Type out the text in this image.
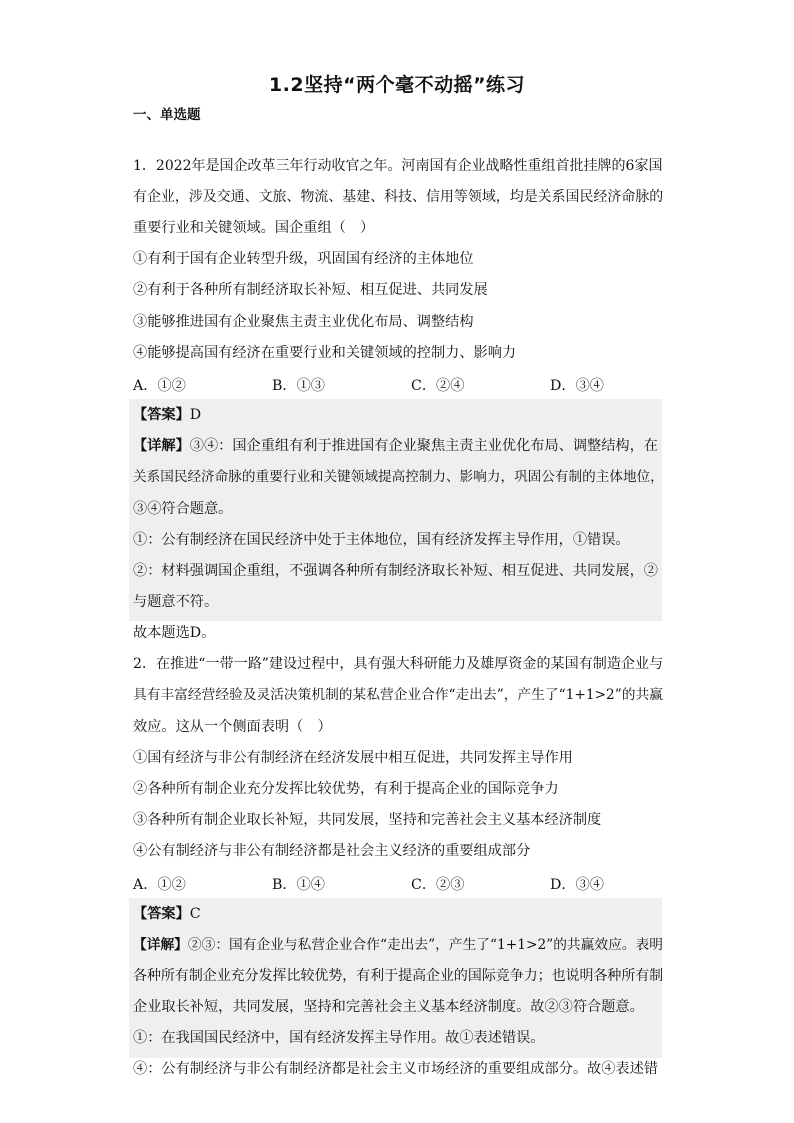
1.2坚持“两个毫不动摇”练习
一、单选题
1．2022年是国企改革三年行动收官之年。河南国有企业战略性重组首批挂牌的6家国
有企业，涉及交通、文旅、物流、基建、科技、信用等领域，均是关系国民经济命脉的
重要行业和关键领域。国企重组（　）
①有利于国有企业转型升级，巩固国有经济的主体地位
②有利于各种所有制经济取长补短、相互促进、共同发展
③能够推进国有企业聚焦主责主业优化布局、调整结构
④能够提高国有经济在重要行业和关键领域的控制力、影响力
A．①②	B．①③	C．②④	D．③④
【答案】D
【详解】③④：国企重组有利于推进国有企业聚焦主责主业优化布局、调整结构，在
关系国民经济命脉的重要行业和关键领域提高控制力、影响力，巩固公有制的主体地位，
③④符合题意。
①：公有制经济在国民经济中处于主体地位，国有经济发挥主导作用，①错误。
②：材料强调国企重组，不强调各种所有制经济取长补短、相互促进、共同发展，②
与题意不符。
故本题选D。
2．在推进“一带一路”建设过程中，具有强大科研能力及雄厚资金的某国有制造企业与
具有丰富经营经验及灵活决策机制的某私营企业合作“走出去”，产生了“1+1>2”的共赢
效应。这从一个侧面表明（　）
①国有经济与非公有制经济在经济发展中相互促进，共同发挥主导作用
②各种所有制企业充分发挥比较优势，有利于提高企业的国际竞争力
③各种所有制企业取长补短，共同发展，坚持和完善社会主义基本经济制度
④公有制经济与非公有制经济都是社会主义经济的重要组成部分
A．①②	B．①④	C．②③	D．③④
【答案】C
【详解】②③：国有企业与私营企业合作“走出去”，产生了“1+1>2”的共赢效应。表明
各种所有制企业充分发挥比较优势，有利于提高企业的国际竞争力；也说明各种所有制
企业取长补短，共同发展，坚持和完善社会主义基本经济制度。故②③符合题意。
①：在我国国民经济中，国有经济发挥主导作用。故①表述错误。
④：公有制经济与非公有制经济都是社会主义市场经济的重要组成部分。故④表述错
